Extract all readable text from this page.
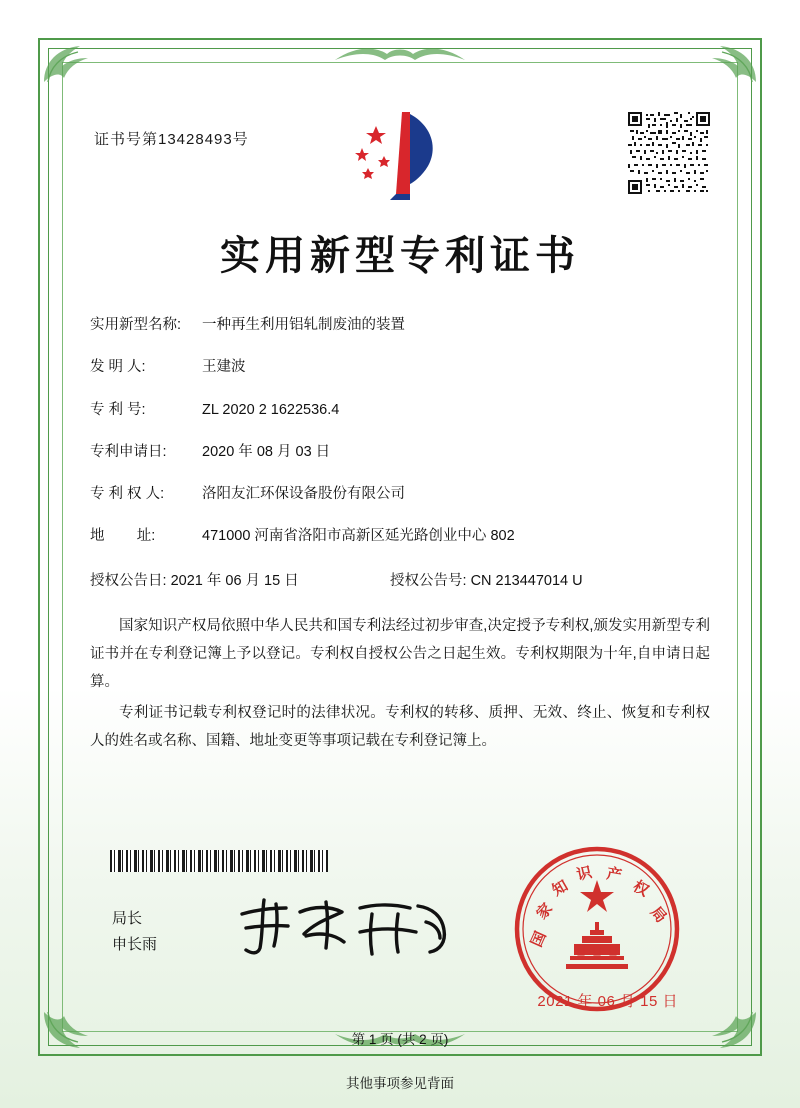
证书号第13428493号
实用新型专利证书
实用新型名称:	一种再生利用铝轧制废油的装置
发 明 人:	王建波
专 利 号:	ZL 2020 2 1622536.4
专利申请日:	2020 年 08 月 03 日
专 利 权 人:	洛阳友汇环保设备股份有限公司
地        址:	471000 河南省洛阳市高新区延光路创业中心 802
授权公告日: 2021 年 06 月 15 日	授权公告号: CN 213447014 U

国家知识产权局依照中华人民共和国专利法经过初步审查,决定授予专利权,颁发实用新型专利证书并在专利登记簿上予以登记。专利权自授权公告之日起生效。专利权期限为十年,自申请日起算。

专利证书记载专利权登记时的法律状况。专利权的转移、质押、无效、终止、恢复和专利权人的姓名或名称、国籍、地址变更等事项记载在专利登记簿上。

局长
申长雨	国
家
知
识 产
权
局
2021 年 06 月 15 日
第 1 页 (共 2 页)
其他事项参见背面
